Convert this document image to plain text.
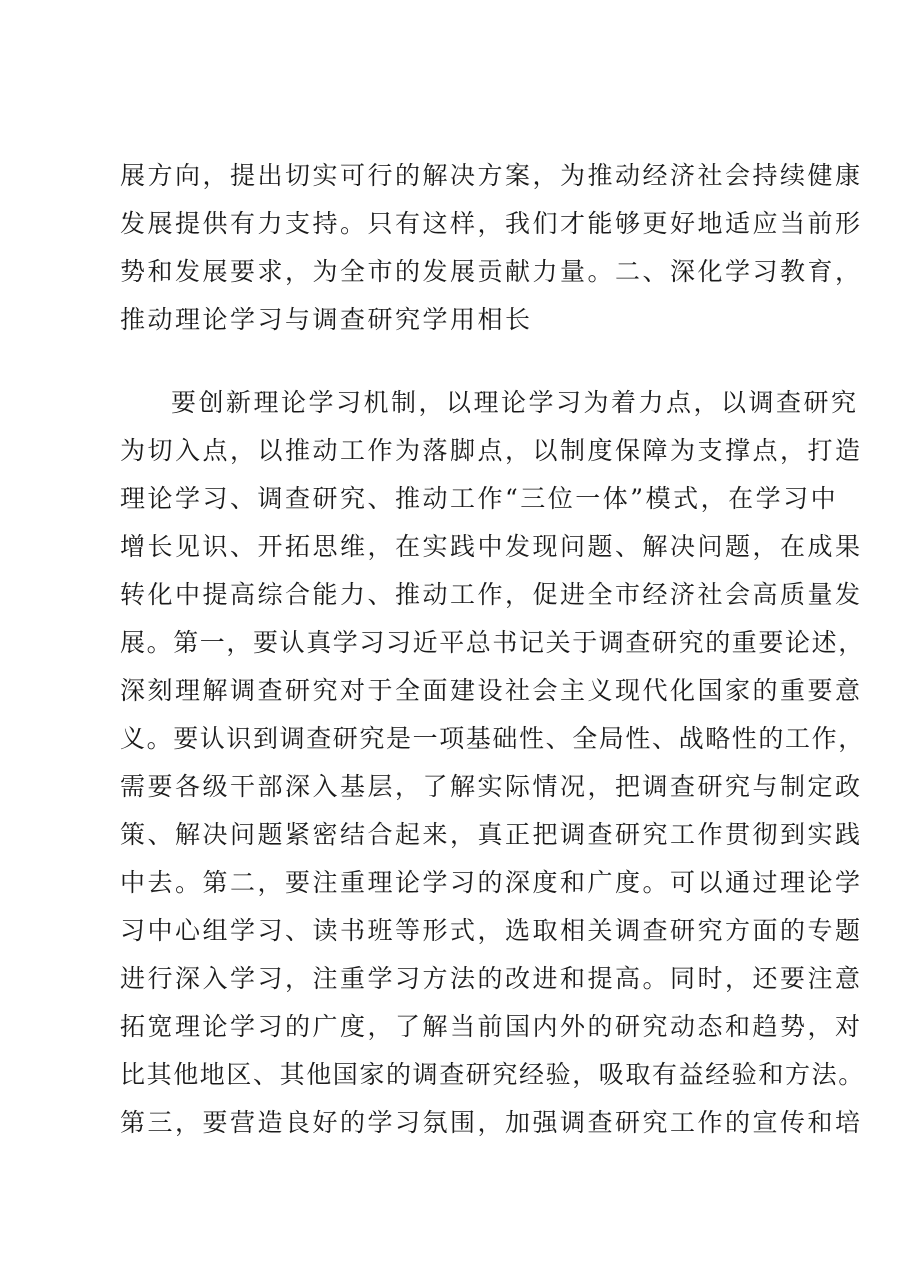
展方向，提出切实可行的解决方案，为推动经济社会持续健康
发展提供有力支持。只有这样，我们才能够更好地适应当前形
势和发展要求，为全市的发展贡献力量。二、深化学习教育，
推动理论学习与调查研究学用相长
要创新理论学习机制，以理论学习为着力点，以调查研究
为切入点，以推动工作为落脚点，以制度保障为支撑点，打造
理论学习、调查研究、推动工作“三位一体”模式，在学习中
增长见识、开拓思维，在实践中发现问题、解决问题，在成果
转化中提高综合能力、推动工作，促进全市经济社会高质量发
展。第一，要认真学习习近平总书记关于调查研究的重要论述，
深刻理解调查研究对于全面建设社会主义现代化国家的重要意
义。要认识到调查研究是一项基础性、全局性、战略性的工作，
需要各级干部深入基层，了解实际情况，把调查研究与制定政
策、解决问题紧密结合起来，真正把调查研究工作贯彻到实践
中去。第二，要注重理论学习的深度和广度。可以通过理论学
习中心组学习、读书班等形式，选取相关调查研究方面的专题
进行深入学习，注重学习方法的改进和提高。同时，还要注意
拓宽理论学习的广度，了解当前国内外的研究动态和趋势，对
比其他地区、其他国家的调查研究经验，吸取有益经验和方法。
第三，要营造良好的学习氛围，加强调查研究工作的宣传和培
